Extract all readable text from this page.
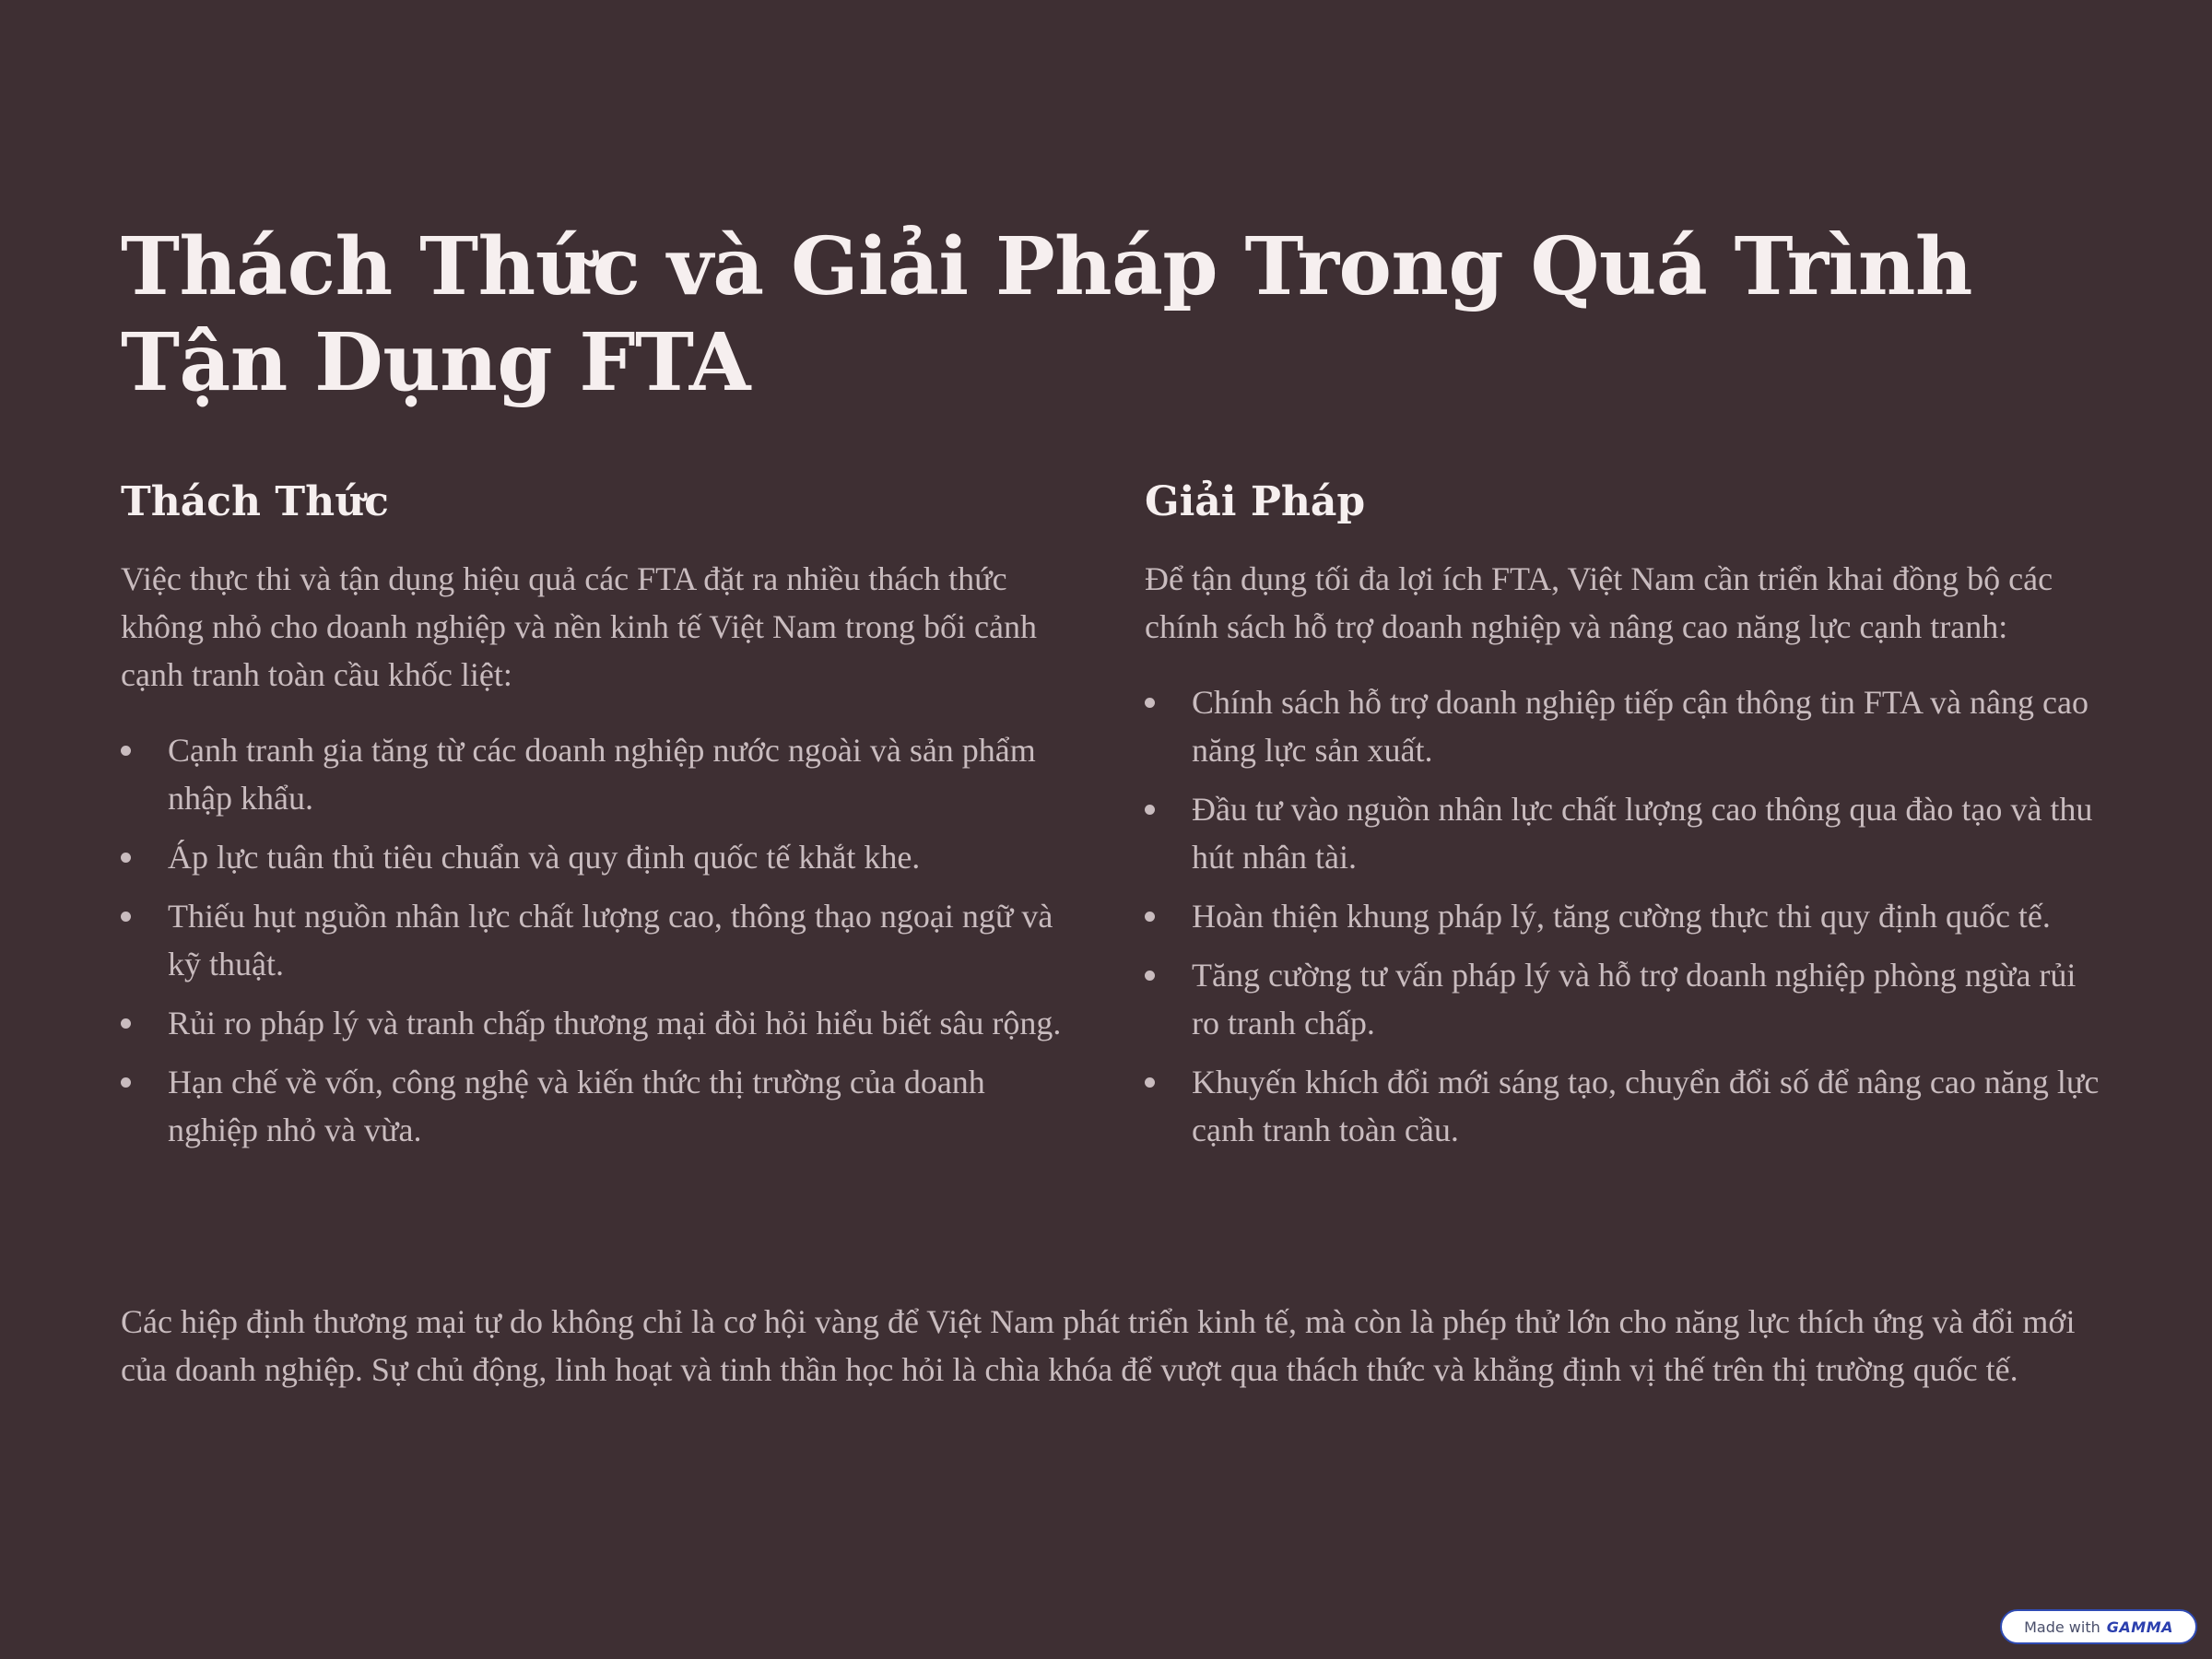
Thách Thức và Giải Pháp Trong Quá Trình Tận Dụng FTA
Thách Thức

Việc thực thi và tận dụng hiệu quả các FTA đặt ra nhiều thách thức không nhỏ cho doanh nghiệp và nền kinh tế Việt Nam trong bối cảnh cạnh tranh toàn cầu khốc liệt:

Cạnh tranh gia tăng từ các doanh nghiệp nước ngoài và sản phẩm nhập khẩu.
Áp lực tuân thủ tiêu chuẩn và quy định quốc tế khắt khe.
Thiếu hụt nguồn nhân lực chất lượng cao, thông thạo ngoại ngữ và kỹ thuật.
Rủi ro pháp lý và tranh chấp thương mại đòi hỏi hiểu biết sâu rộng.
Hạn chế về vốn, công nghệ và kiến thức thị trường của doanh nghiệp nhỏ và vừa.
Giải Pháp

Để tận dụng tối đa lợi ích FTA, Việt Nam cần triển khai đồng bộ các chính sách hỗ trợ doanh nghiệp và nâng cao năng lực cạnh tranh:

Chính sách hỗ trợ doanh nghiệp tiếp cận thông tin FTA và nâng cao năng lực sản xuất.
Đầu tư vào nguồn nhân lực chất lượng cao thông qua đào tạo và thu hút nhân tài.
Hoàn thiện khung pháp lý, tăng cường thực thi quy định quốc tế.
Tăng cường tư vấn pháp lý và hỗ trợ doanh nghiệp phòng ngừa rủi ro tranh chấp.
Khuyến khích đổi mới sáng tạo, chuyển đổi số để nâng cao năng lực cạnh tranh toàn cầu.

Các hiệp định thương mại tự do không chỉ là cơ hội vàng để Việt Nam phát triển kinh tế, mà còn là phép thử lớn cho năng lực thích ứng và đổi mới của doanh nghiệp. Sự chủ động, linh hoạt và tinh thần học hỏi là chìa khóa để vượt qua thách thức và khẳng định vị thế trên thị trường quốc tế.

Made with GAMMA
